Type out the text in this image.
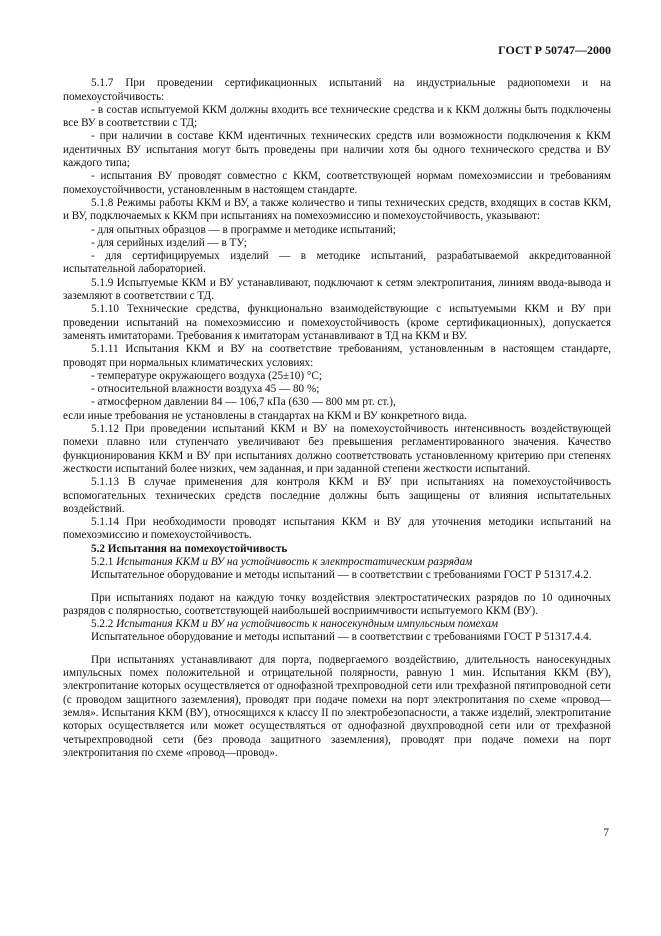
ГОСТ Р 50747—2000

5.1.7 При проведении сертификационных испытаний на индустриальные радиопомехи и на помехоустойчивость:

- в состав испытуемой ККМ должны входить все технические средства и к ККМ должны быть подключены все ВУ в соответствии с ТД;

- при наличии в составе ККМ идентичных технических средств или возможности подключения к ККМ идентичных ВУ испытания могут быть проведены при наличии хотя бы одного технического средства и ВУ каждого типа;

- испытания ВУ проводят совместно с ККМ, соответствующей нормам помехоэмиссии и требованиям помехоустойчивости, установленным в настоящем стандарте.

5.1.8 Режимы работы ККМ и ВУ, а также количество и типы технических средств, входящих в состав ККМ, и ВУ, подключаемых к ККМ при испытаниях на помехоэмиссию и помехоустойчивость, указывают:

- для опытных образцов — в программе и методике испытаний;

- для серийных изделий — в ТУ;

- для сертифицируемых изделий — в методике испытаний, разрабатываемой аккредитованной испытательной лабораторией.

5.1.9 Испытуемые ККМ и ВУ устанавливают, подключают к сетям электропитания, линиям ввода-вывода и заземляют в соответствии с ТД.

5.1.10 Технические средства, функционально взаимодействующие с испытуемыми ККМ и ВУ при проведении испытаний на помехоэмиссию и помехоустойчивость (кроме сертификационных), допускается заменять имитаторами. Требования к имитаторам устанавливают в ТД на ККМ и ВУ.

5.1.11 Испытания ККМ и ВУ на соответствие требованиям, установленным в настоящем стандарте, проводят при нормальных климатических условиях:

- температуре окружающего воздуха (25±10) °С;

- относительной влажности воздуха 45 — 80 %;

- атмосферном давлении 84 — 106,7 кПа (630 — 800 мм рт. ст.),

если иные требования не установлены в стандартах на ККМ и ВУ конкретного вида.

5.1.12 При проведении испытаний ККМ и ВУ на помехоустойчивость интенсивность воздействующей помехи плавно или ступенчато увеличивают без превышения регламентированного значения. Качество функционирования ККМ и ВУ при испытаниях должно соответствовать установленному критерию при степенях жесткости испытаний более низких, чем заданная, и при заданной степени жесткости испытаний.

5.1.13 В случае применения для контроля ККМ и ВУ при испытаниях на помехоустойчивость вспомогательных технических средств последние должны быть защищены от влияния испытательных воздействий.

5.1.14 При необходимости проводят испытания ККМ и ВУ для уточнения методики испытаний на помехоэмиссию и помехоустойчивость.

5.2 Испытания на помехоустойчивость

5.2.1 Испытания ККМ и ВУ на устойчивость к электростатическим разрядам

Испытательное оборудование и методы испытаний — в соответствии с требованиями ГОСТ Р 51317.4.2.

При испытаниях подают на каждую точку воздействия электростатических разрядов по 10 одиночных разрядов с полярностью, соответствующей наибольшей восприимчивости испытуемого ККМ (ВУ).

5.2.2 Испытания ККМ и ВУ на устойчивость к наносекундным импульсным помехам

Испытательное оборудование и методы испытаний — в соответствии с требованиями ГОСТ Р 51317.4.4.

При испытаниях устанавливают для порта, подвергаемого воздействию, длительность наносекундных импульсных помех положительной и отрицательной полярности, равную 1 мин. Испытания ККМ (ВУ), электропитание которых осуществляется от однофазной трехпроводной сети или трехфазной пятипроводной сети (с проводом защитного заземления), проводят при подаче помехи на порт электропитания по схеме «провод—земля». Испытания ККМ (ВУ), относящихся к классу II по электробезопасности, а также изделий, электропитание которых осуществляется или может осуществляться от однофазной двухпроводной сети или от трехфазной четырехпроводной сети (без провода защитного заземления), проводят при подаче помехи на порт электропитания по схеме «провод—провод».

7
